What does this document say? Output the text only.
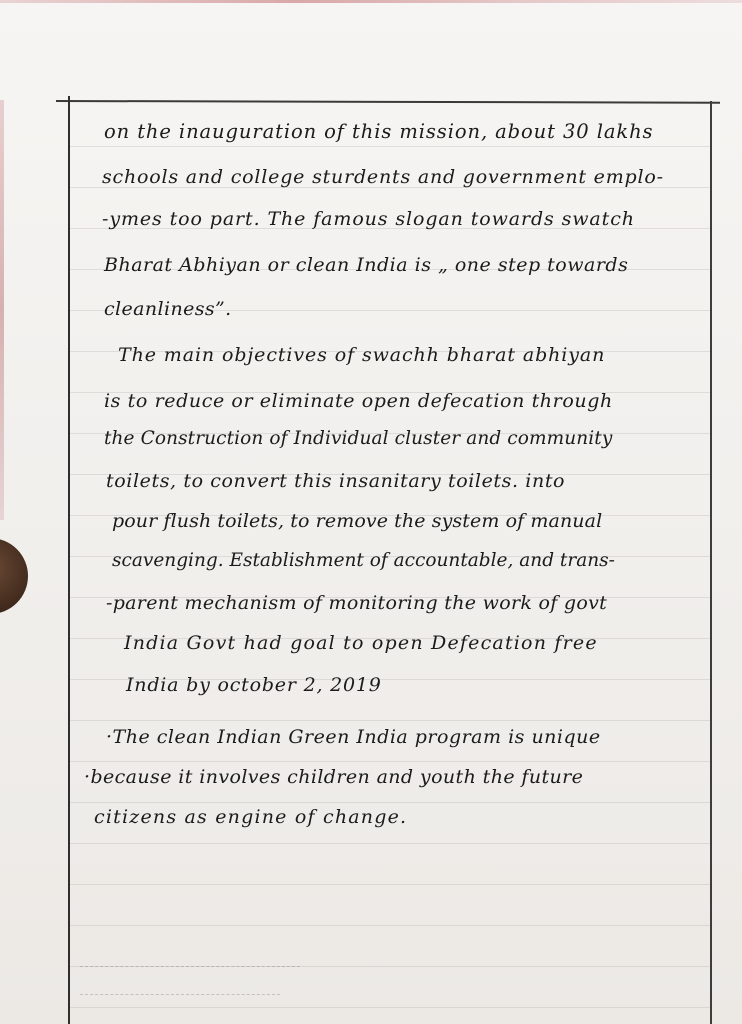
on the inauguration of this mission, about 30 lakhs
schools and college sturdents and government emplo-
-ymes too part. The famous slogan towards swatch
Bharat Abhiyan or clean India is „ one step towards
cleanliness”.
The main objectives of swachh bharat abhiyan
is to reduce or eliminate open defecation through
the Construction of Individual cluster and community
toilets, to convert this insanitary toilets. into
pour flush toilets, to remove the system of manual
scavenging. Establishment of accountable, and trans-
-parent mechanism of monitoring the work of govt
India Govt had goal to open Defecation free
India by october 2, 2019
·The clean Indian Green India program is unique
·because it involves children and youth the future
citizens as engine of change.
